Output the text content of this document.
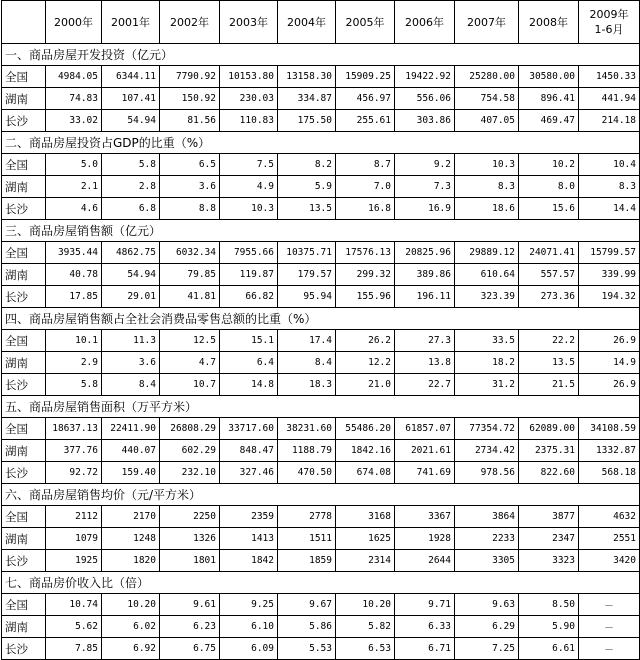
	2000年	2001年	2002年	2003年	2004年	2005年	2006年	2007年	2008年	2009年
1-6月

一、商品房屋开发投资（亿元）										
全国	4984.05	6344.11	7790.92	10153.80	13158.30	15909.25	19422.92	25280.00	30580.00	1450.33
湖南	74.83	107.41	150.92	230.03	334.87	456.97	556.06	754.58	896.41	441.94
长沙	33.02	54.94	81.56	110.83	175.50	255.61	303.86	407.05	469.47	214.18
二、商品房屋投资占GDP的比重（%）										
全国	5.0	5.8	6.5	7.5	8.2	8.7	9.2	10.3	10.2	10.4
湖南	2.1	2.8	3.6	4.9	5.9	7.0	7.3	8.3	8.0	8.3
长沙	4.6	6.8	8.8	10.3	13.5	16.8	16.9	18.6	15.6	14.4
三、商品房屋销售额（亿元）										
全国	3935.44	4862.75	6032.34	7955.66	10375.71	17576.13	20825.96	29889.12	24071.41	15799.57
湖南	40.78	54.94	79.85	119.87	179.57	299.32	389.86	610.64	557.57	339.99
长沙	17.85	29.01	41.81	66.82	95.94	155.96	196.11	323.39	273.36	194.32
四、商品房屋销售额占全社会消费品零售总额的比重（%）										
全国	10.1	11.3	12.5	15.1	17.4	26.2	27.3	33.5	22.2	26.9
湖南	2.9	3.6	4.7	6.4	8.4	12.2	13.8	18.2	13.5	14.9
长沙	5.8	8.4	10.7	14.8	18.3	21.0	22.7	31.2	21.5	26.9
五、商品房屋销售面积（万平方米）										
全国	18637.13	22411.90	26808.29	33717.60	38231.60	55486.20	61857.07	77354.72	62089.00	34108.59
湖南	377.76	440.07	602.29	848.47	1188.79	1842.16	2021.61	2734.42	2375.31	1332.87
长沙	92.72	159.40	232.10	327.46	470.50	674.08	741.69	978.56	822.60	568.18
六、商品房屋销售均价（元/平方米）										
全国	2112	2170	2250	2359	2778	3168	3367	3864	3877	4632
湖南	1079	1248	1326	1413	1511	1625	1928	2233	2347	2551
长沙	1925	1820	1801	1842	1859	2314	2644	3305	3323	3420
七、商品房价收入比（倍）										
全国	10.74	10.20	9.61	9.25	9.67	10.20	9.71	9.63	8.50	－
湖南	5.62	6.02	6.23	6.10	5.86	5.82	6.33	6.29	5.90	－
长沙	7.85	6.92	6.75	6.09	5.53	6.53	6.71	7.25	6.61	－
